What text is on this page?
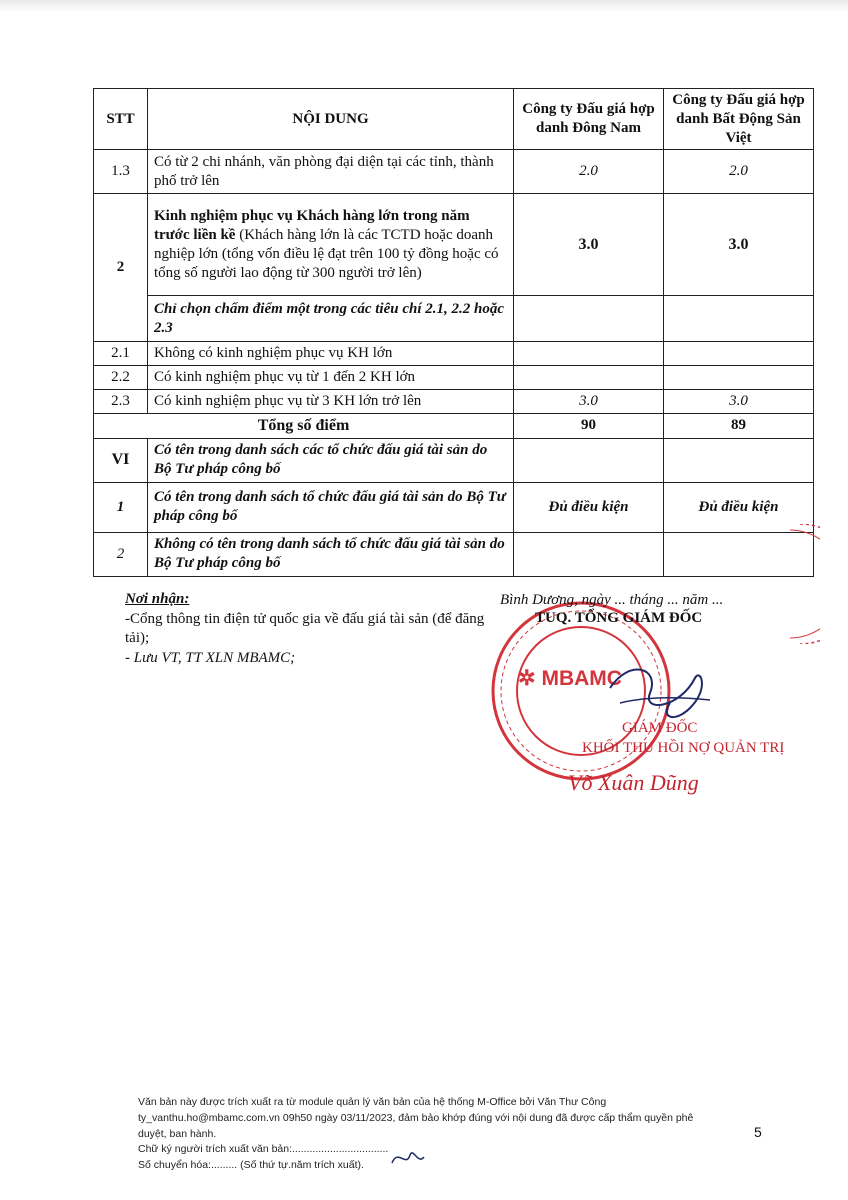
STT	NỘI DUNG	Công ty Đấu giá hợp danh Đông Nam	Công ty Đấu giá hợp danh Bất Động Sản Việt
1.3	Có từ 2 chi nhánh, văn phòng đại diện tại các tỉnh, thành phố trở lên	2.0	2.0
2	Kinh nghiệm phục vụ Khách hàng lớn trong năm trước liền kề (Khách hàng lớn là các TCTD hoặc doanh nghiệp lớn (tổng vốn điều lệ đạt trên 100 tỷ đồng hoặc có tổng số người lao động từ 300 người trở lên)	3.0	3.0
	Chỉ chọn chấm điểm một trong các tiêu chí 2.1, 2.2 hoặc 2.3		
2.1	Không có kinh nghiệm phục vụ KH lớn		
2.2	Có kinh nghiệm phục vụ từ 1 đến 2 KH lớn		
2.3	Có kinh nghiệm phục vụ từ 3 KH lớn trở lên	3.0	3.0
Tổng số điểm		90	89
VI	Có tên trong danh sách các tổ chức đấu giá tài sản do Bộ Tư pháp công bố		
1	Có tên trong danh sách tổ chức đấu giá tài sản do Bộ Tư pháp công bố	Đủ điều kiện	Đủ điều kiện
2	Không có tên trong danh sách tổ chức đấu giá tài sản do Bộ Tư pháp công bố		
Nơi nhận:
-Cổng thông tin điện tử quốc gia về đấu giá tài sản (để đăng tải);
- Lưu VT, TT XLN MBAMC;
✲ MBAMC
Bình Dương, ngày ... tháng ... năm ...
TUQ. TỔNG GIÁM ĐỐC
GIÁM ĐỐC
KHỐI THU HỒI NỢ QUẢN TRỊ
Võ Xuân Dũng
Văn bản này được trích xuất ra từ module quản lý văn bản của hệ thống M-Office bởi Văn Thư Công ty_vanthu.ho@mbamc.com.vn 09h50 ngày 03/11/2023, đảm bảo khớp đúng với nội dung đã được cấp thẩm quyền phê duyệt, ban hành.
Chữ ký người trích xuất văn bản:.................................
Số chuyển hóa:......... (Số thứ tự.năm trích xuất).
5
